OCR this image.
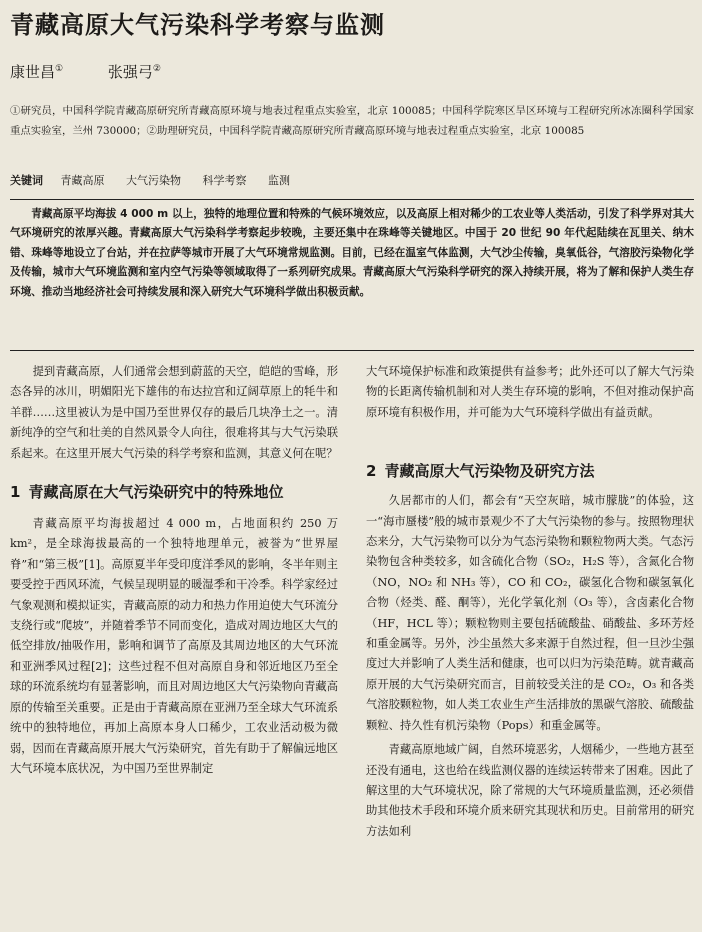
青藏高原大气污染科学考察与监测
康世昌①	张强弓②
①研究员，中国科学院青藏高原研究所青藏高原环境与地表过程重点实验室，北京 100085；中国科学院寒区旱区环境与工程研究所冰冻圈科学国家重点实验室，兰州 730000；②助理研究员，中国科学院青藏高原研究所青藏高原环境与地表过程重点实验室，北京 100085
关键词 青藏高原 大气污染物 科学考察 监测
青藏高原平均海拔 4 000 m 以上，独特的地理位置和特殊的气候环境效应，以及高原上相对稀少的工农业等人类活动，引发了科学界对其大气环境研究的浓厚兴趣。青藏高原大气污染科学考察起步较晚，主要还集中在珠峰等关键地区。中国于 20 世纪 90 年代起陆续在瓦里关、纳木错、珠峰等地设立了台站，并在拉萨等城市开展了大气环境常规监测。目前，已经在温室气体监测，大气沙尘传输，臭氧低谷，气溶胶污染物化学及传输，城市大气环境监测和室内空气污染等领域取得了一系列研究成果。青藏高原大气污染科学研究的深入持续开展，将为了解和保护人类生存环境、推动当地经济社会可持续发展和深入研究大气环境科学做出积极贡献。

提到青藏高原，人们通常会想到蔚蓝的天空，皑皑的雪峰，形态各异的冰川，明媚阳光下雄伟的布达拉宫和辽阔草原上的牦牛和羊群……这里被认为是中国乃至世界仅存的最后几块净土之一。清新纯净的空气和壮美的自然风景令人向往，很难将其与大气污染联系起来。在这里开展大气污染的科学考察和监测，其意义何在呢？

1 青藏高原在大气污染研究中的特殊地位

青藏高原平均海拔超过 4 000 m，占地面积约 250 万 km²，是全球海拔最高的一个独特地理单元，被誉为“世界屋脊”和“第三极”[1]。高原夏半年受印度洋季风的影响，冬半年则主要受控于西风环流，气候呈现明显的暖湿季和干冷季。科学家经过气象观测和模拟证实，青藏高原的动力和热力作用迫使大气环流分支绕行或“爬坡”，并随着季节不同而变化，造成对周边地区大气的低空排放/抽吸作用，影响和调节了高原及其周边地区的大气环流和亚洲季风过程[2]；这些过程不但对高原自身和邻近地区乃至全球的环流系统均有显著影响，而且对周边地区大气污染物向青藏高原的传输至关重要。正是由于青藏高原在亚洲乃至全球大气环流系统中的独特地位，再加上高原本身人口稀少，工农业活动极为微弱，因而在青藏高原开展大气污染研究，首先有助于了解偏远地区大气环境本底状况，为中国乃至世界制定

大气环境保护标准和政策提供有益参考；此外还可以了解大气污染物的长距离传输机制和对人类生存环境的影响，不但对推动保护高原环境有积极作用，并可能为大气环境科学做出有益贡献。

2 青藏高原大气污染物及研究方法

久居都市的人们，都会有“天空灰暗，城市朦胧”的体验，这一“海市蜃楼”般的城市景观少不了大气污染物的参与。按照物理状态来分，大气污染物可以分为气态污染物和颗粒物两大类。气态污染物包含种类较多，如含硫化合物（SO₂，H₂S 等），含氮化合物（NO，NO₂ 和 NH₃ 等），CO 和 CO₂，碳氢化合物和碳氢氧化合物（烃类、醛、酮等），光化学氧化剂（O₃ 等），含卤素化合物（HF，HCL 等）；颗粒物则主要包括硫酸盐、硝酸盐、多环芳烃和重金属等。另外，沙尘虽然大多来源于自然过程，但一旦沙尘强度过大并影响了人类生活和健康，也可以归为污染范畴。就青藏高原开展的大气污染研究而言，目前较受关注的是 CO₂，O₃ 和各类气溶胶颗粒物，如人类工农业生产生活排放的黑碳气溶胶、硫酸盐颗粒、持久性有机污染物（Pops）和重金属等。

青藏高原地域广阔，自然环境恶劣，人烟稀少，一些地方甚至还没有通电，这也给在线监测仪器的连续运转带来了困难。因此了解这里的大气环境状况，除了常规的大气环境质量监测，还必须借助其他技术手段和环境介质来研究其现状和历史。目前常用的研究方法如利
